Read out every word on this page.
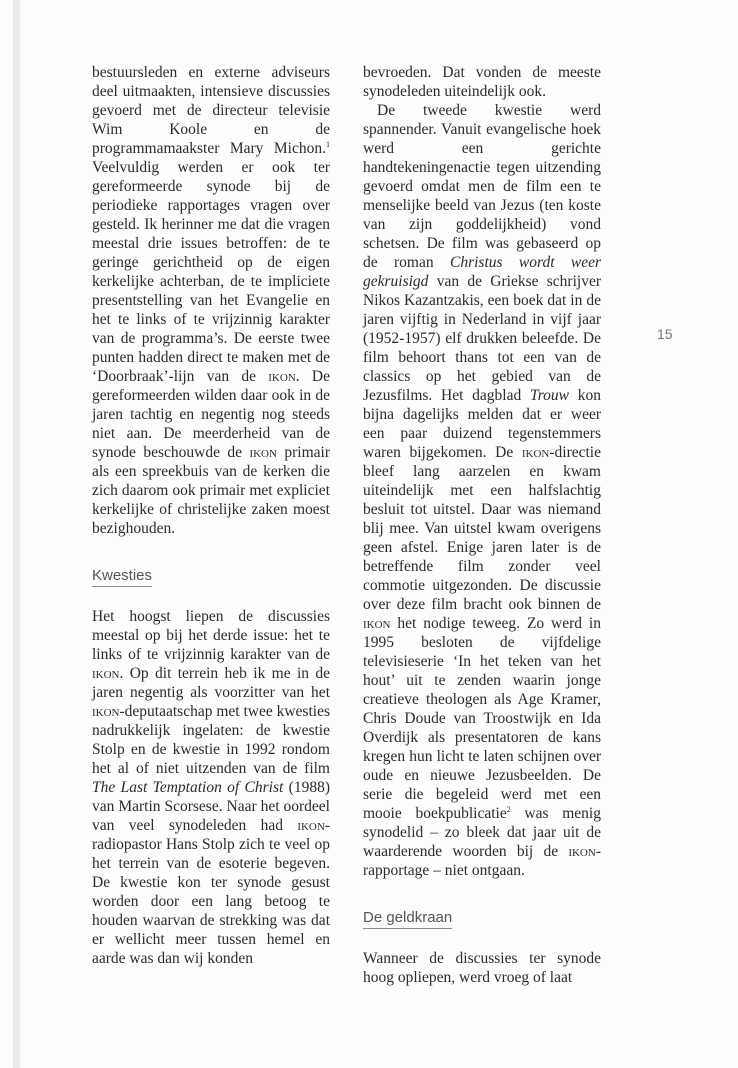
bestuursleden en externe adviseurs deel uitmaakten, intensieve discussies gevoerd met de directeur televisie Wim Koole en de programmamaakster Mary Michon.$^1$ Veelvuldig werden er ook ter gereformeerde synode bij de periodieke rapportages vragen over gesteld. Ik herinner me dat die vragen meestal drie issues betroffen: de te geringe gerichtheid op de eigen kerkelijke achterban, de te impliciete presentstelling van het Evangelie en het te links of te vrijzinnig karakter van de programma’s. De eerste twee punten hadden direct te maken met de ‘Doorbraak’-lijn van de ikon. De gereformeerden wilden daar ook in de jaren tachtig en negentig nog steeds niet aan. De meerderheid van de synode beschouwde de ikon primair als een spreekbuis van de kerken die zich daarom ook primair met expliciet kerkelijke of christelijke zaken moest bezighouden.

Kwesties

Het hoogst liepen de discussies meestal op bij het derde issue: het te links of te vrijzinnig karakter van de ikon. Op dit terrein heb ik me in de jaren negentig als voorzitter van het ikon-deputaatschap met twee kwesties nadrukkelijk ingelaten: de kwestie Stolp en de kwestie in 1992 rondom het al of niet uitzenden van de film The Last Temptation of Christ (1988) van Martin Scorsese. Naar het oordeel van veel synodeleden had ikon-radiopastor Hans Stolp zich te veel op het terrein van de esoterie begeven. De kwestie kon ter synode gesust worden door een lang betoog te houden waarvan de strekking was dat er wellicht meer tussen hemel en aarde was dan wij konden

bevroeden. Dat vonden de meeste synodeleden uiteindelijk ook.

De tweede kwestie werd spannender. Vanuit evangelische hoek werd een gerichte handtekeningenactie tegen uitzending gevoerd omdat men de film een te menselijke beeld van Jezus (ten koste van zijn goddelijkheid) vond schetsen. De film was gebaseerd op de roman Christus wordt weer gekruisigd van de Griekse schrijver Nikos Kazantzakis, een boek dat in de jaren vijftig in Nederland in vijf jaar (1952-1957) elf drukken beleefde. De film behoort thans tot een van de classics op het gebied van de Jezusfilms. Het dagblad Trouw kon bijna dagelijks melden dat er weer een paar duizend tegenstemmers waren bijgekomen. De ikon-directie bleef lang aarzelen en kwam uiteindelijk met een halfslachtig besluit tot uitstel. Daar was niemand blij mee. Van uitstel kwam overigens geen afstel. Enige jaren later is de betreffende film zonder veel commotie uitgezonden. De discussie over deze film bracht ook binnen de ikon het nodige teweeg. Zo werd in 1995 besloten de vijfdelige televisieserie ‘In het teken van het hout’ uit te zenden waarin jonge creatieve theologen als Age Kramer, Chris Doude van Troostwijk en Ida Overdijk als presentatoren de kans kregen hun licht te laten schijnen over oude en nieuwe Jezusbeelden. De serie die begeleid werd met een mooie boekpublicatie$^2$ was menig synodelid – zo bleek dat jaar uit de waarderende woorden bij de ikon-rapportage – niet ontgaan.

De geldkraan

Wanneer de discussies ter synode hoog opliepen, werd vroeg of laat

15
